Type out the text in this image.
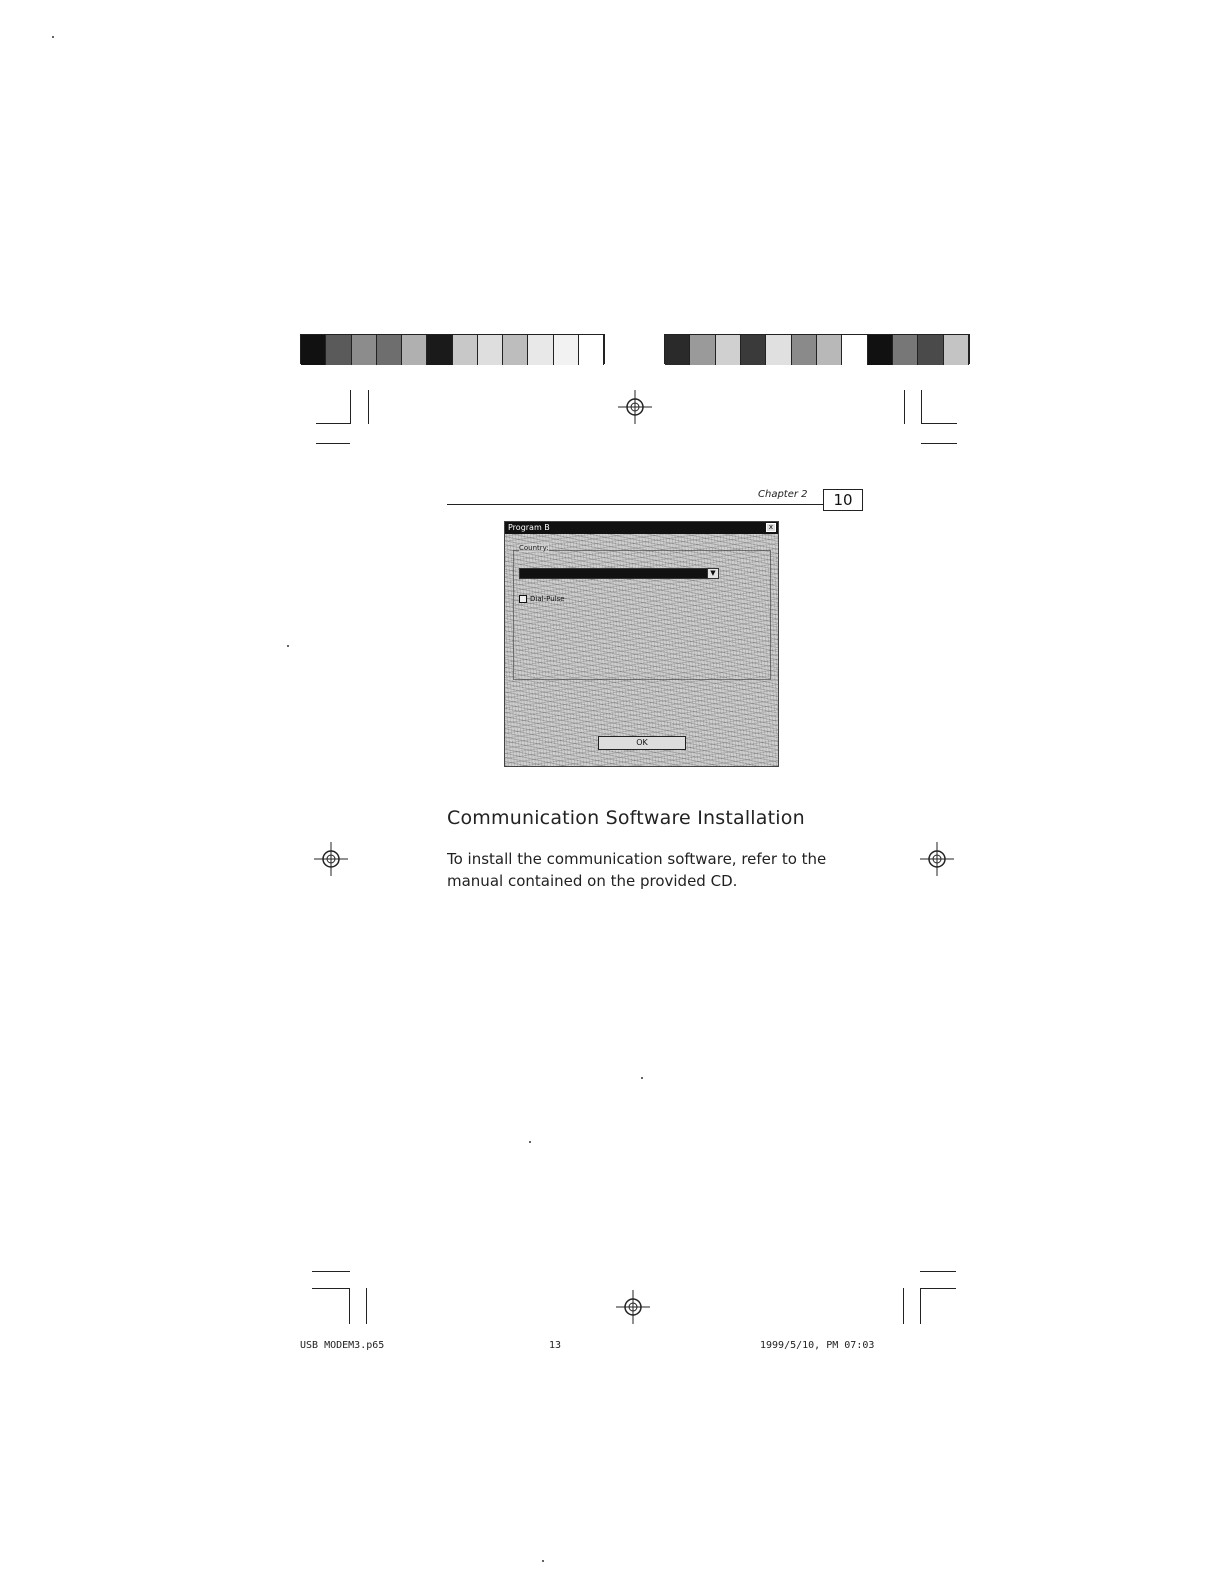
Chapter 2	10
Program B	x
Country:
▼
Dial-Pulse
OK
Communication Software Installation
To install the communication software, refer to the manual contained on the provided CD.
USB MODEM3.p65	13	1999/5/10, PM 07:03
